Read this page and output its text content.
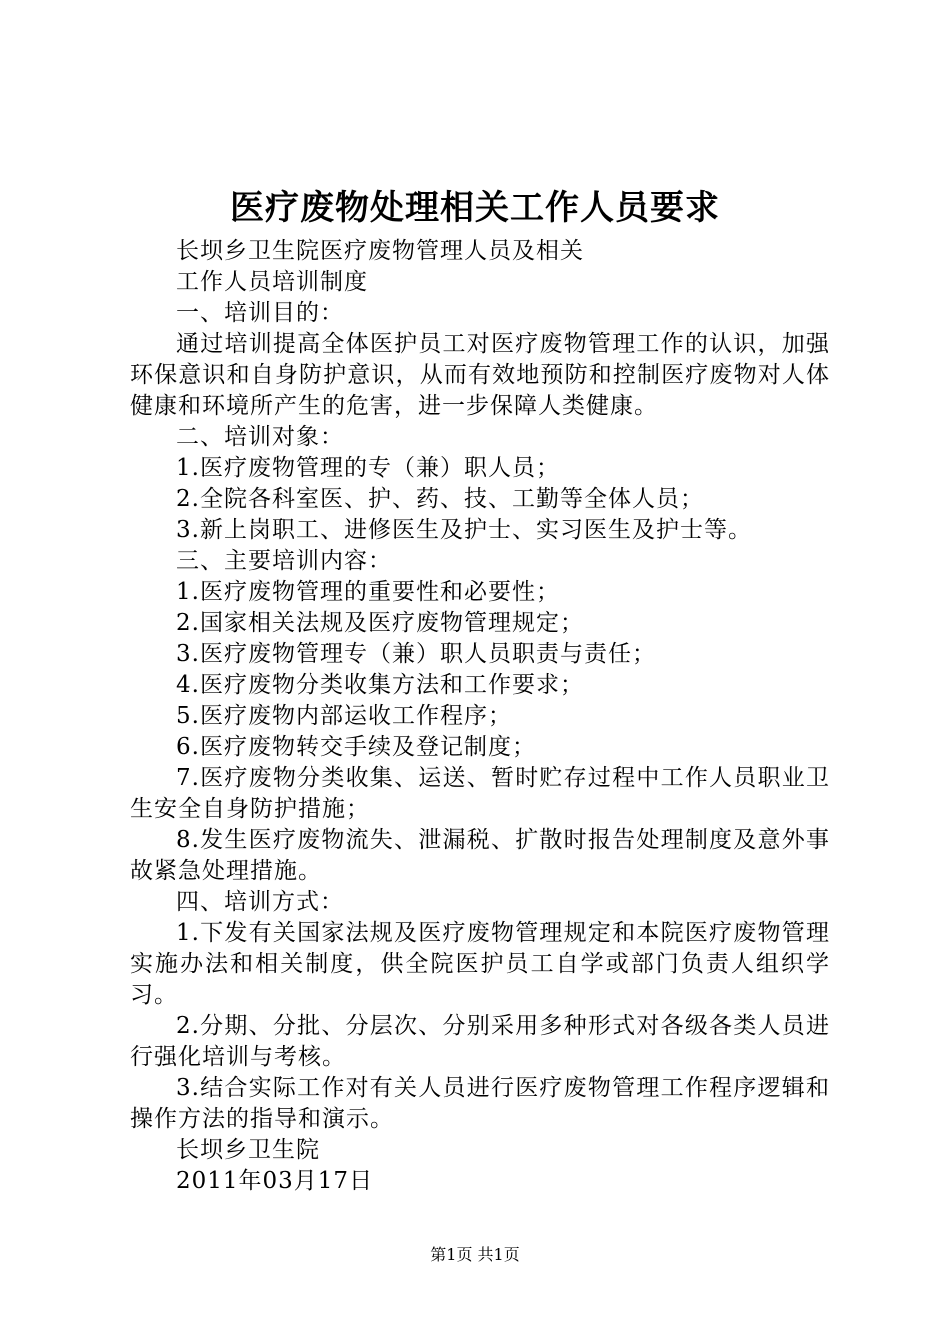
医疗废物处理相关工作人员要求

长坝乡卫生院医疗废物管理人员及相关

工作人员培训制度

一、培训目的：

通过培训提高全体医护员工对医疗废物管理工作的认识，加强环保意识和自身防护意识，从而有效地预防和控制医疗废物对人体健康和环境所产生的危害，进一步保障人类健康。

二、培训对象：

1.医疗废物管理的专（兼）职人员；

2.全院各科室医、护、药、技、工勤等全体人员；

3.新上岗职工、进修医生及护士、实习医生及护士等。

三、主要培训内容：

1.医疗废物管理的重要性和必要性；

2.国家相关法规及医疗废物管理规定；

3.医疗废物管理专（兼）职人员职责与责任；

4.医疗废物分类收集方法和工作要求；

5.医疗废物内部运收工作程序；

6.医疗废物转交手续及登记制度；

7.医疗废物分类收集、运送、暂时贮存过程中工作人员职业卫生安全自身防护措施；

8.发生医疗废物流失、泄漏税、扩散时报告处理制度及意外事故紧急处理措施。

四、培训方式：

1.下发有关国家法规及医疗废物管理规定和本院医疗废物管理实施办法和相关制度，供全院医护员工自学或部门负责人组织学习。

2.分期、分批、分层次、分别采用多种形式对各级各类人员进行强化培训与考核。

3.结合实际工作对有关人员进行医疗废物管理工作程序逻辑和操作方法的指导和演示。

长坝乡卫生院

2011年03月17日

第1页 共1页
